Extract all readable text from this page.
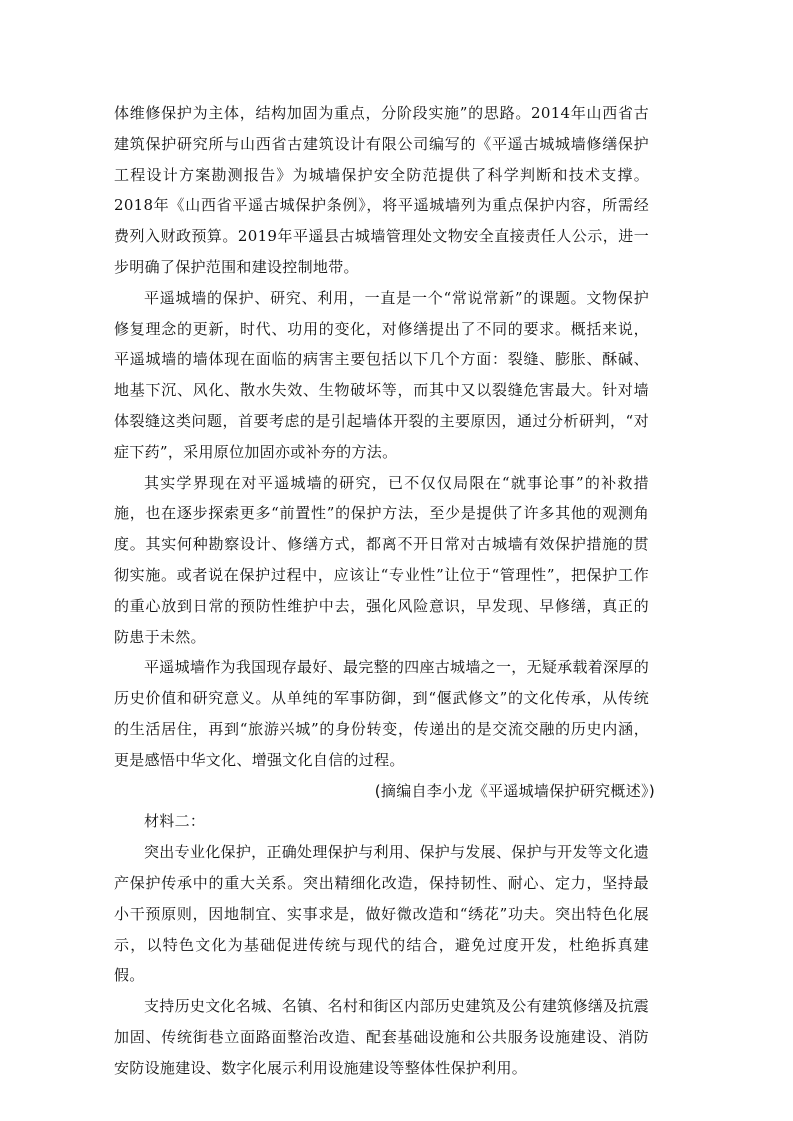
体维修保护为主体，结构加固为重点，分阶段实施”的思路。2014年山西省古建筑保护研究所与山西省古建筑设计有限公司编写的《平遥古城城墙修缮保护工程设计方案勘测报告》为城墙保护安全防范提供了科学判断和技术支撑。2018年《山西省平遥古城保护条例》，将平遥城墙列为重点保护内容，所需经费列入财政预算。2019年平遥县古城墙管理处文物安全直接责任人公示，进一步明确了保护范围和建设控制地带。

平遥城墙的保护、研究、利用，一直是一个“常说常新”的课题。文物保护修复理念的更新，时代、功用的变化，对修缮提出了不同的要求。概括来说，平遥城墙的墙体现在面临的病害主要包括以下几个方面：裂缝、膨胀、酥碱、地基下沉、风化、散水失效、生物破坏等，而其中又以裂缝危害最大。针对墙体裂缝这类问题，首要考虑的是引起墙体开裂的主要原因，通过分析研判，“对症下药”，采用原位加固亦或补夯的方法。

其实学界现在对平遥城墙的研究，已不仅仅局限在“就事论事”的补救措施，也在逐步探索更多“前置性”的保护方法，至少是提供了许多其他的观测角度。其实何种勘察设计、修缮方式，都离不开日常对古城墙有效保护措施的贯彻实施。或者说在保护过程中，应该让“专业性”让位于“管理性”，把保护工作的重心放到日常的预防性维护中去，强化风险意识，早发现、早修缮，真正的防患于未然。

平遥城墙作为我国现存最好、最完整的四座古城墙之一，无疑承载着深厚的历史价值和研究意义。从单纯的军事防御，到“偃武修文”的文化传承，从传统的生活居住，再到“旅游兴城”的身份转变，传递出的是交流交融的历史内涵，更是感悟中华文化、增强文化自信的过程。

(摘编自李小龙《平遥城墙保护研究概述》)

材料二：

突出专业化保护，正确处理保护与利用、保护与发展、保护与开发等文化遗产保护传承中的重大关系。突出精细化改造，保持韧性、耐心、定力，坚持最小干预原则，因地制宜、实事求是，做好微改造和“绣花”功夫。突出特色化展示，以特色文化为基础促进传统与现代的结合，避免过度开发，杜绝拆真建假。

支持历史文化名城、名镇、名村和街区内部历史建筑及公有建筑修缮及抗震加固、传统街巷立面路面整治改造、配套基础设施和公共服务设施建设、消防安防设施建设、数字化展示利用设施建设等整体性保护利用。
